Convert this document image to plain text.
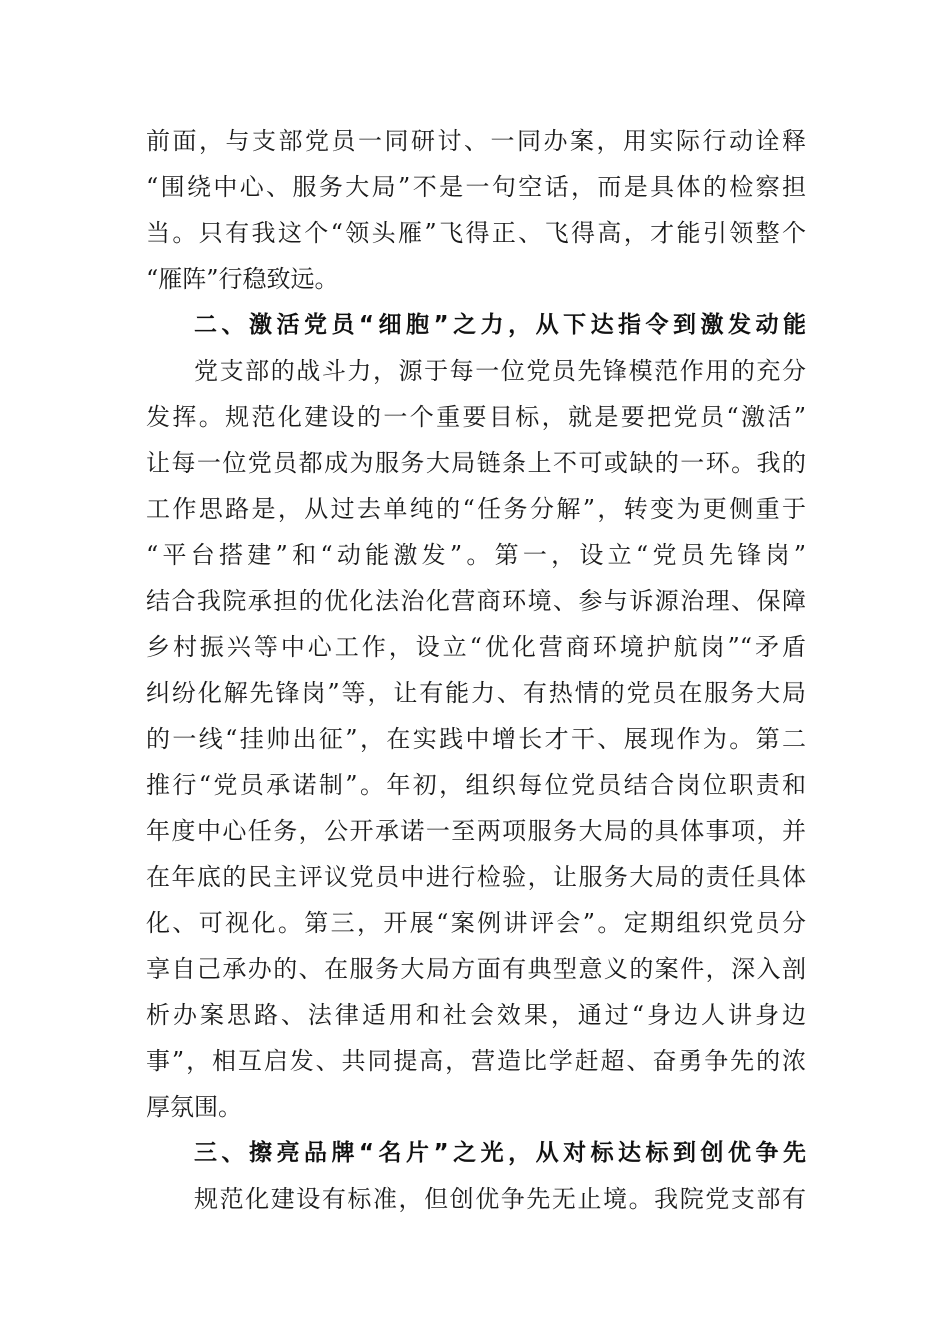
前面，与支部党员一同研讨、一同办案，用实际行动诠释
“围绕中心、服务大局”不是一句空话，而是具体的检察担
当。只有我这个“领头雁”飞得正、飞得高，才能引领整个
“雁阵”行稳致远。
二、激活党员“细胞”之力，从下达指令到激发动能
党支部的战斗力，源于每一位党员先锋模范作用的充分
发挥。规范化建设的一个重要目标，就是要把党员“激活”
让每一位党员都成为服务大局链条上不可或缺的一环。我的
工作思路是，从过去单纯的“任务分解”，转变为更侧重于
“平台搭建”和“动能激发”。第一，设立“党员先锋岗”
结合我院承担的优化法治化营商环境、参与诉源治理、保障
乡村振兴等中心工作，设立“优化营商环境护航岗”“矛盾
纠纷化解先锋岗”等，让有能力、有热情的党员在服务大局
的一线“挂帅出征”，在实践中增长才干、展现作为。第二
推行“党员承诺制”。年初，组织每位党员结合岗位职责和
年度中心任务，公开承诺一至两项服务大局的具体事项，并
在年底的民主评议党员中进行检验，让服务大局的责任具体
化、可视化。第三，开展“案例讲评会”。定期组织党员分
享自己承办的、在服务大局方面有典型意义的案件，深入剖
析办案思路、法律适用和社会效果，通过“身边人讲身边
事”，相互启发、共同提高，营造比学赶超、奋勇争先的浓
厚氛围。
三、擦亮品牌“名片”之光，从对标达标到创优争先
规范化建设有标准，但创优争先无止境。我院党支部有
